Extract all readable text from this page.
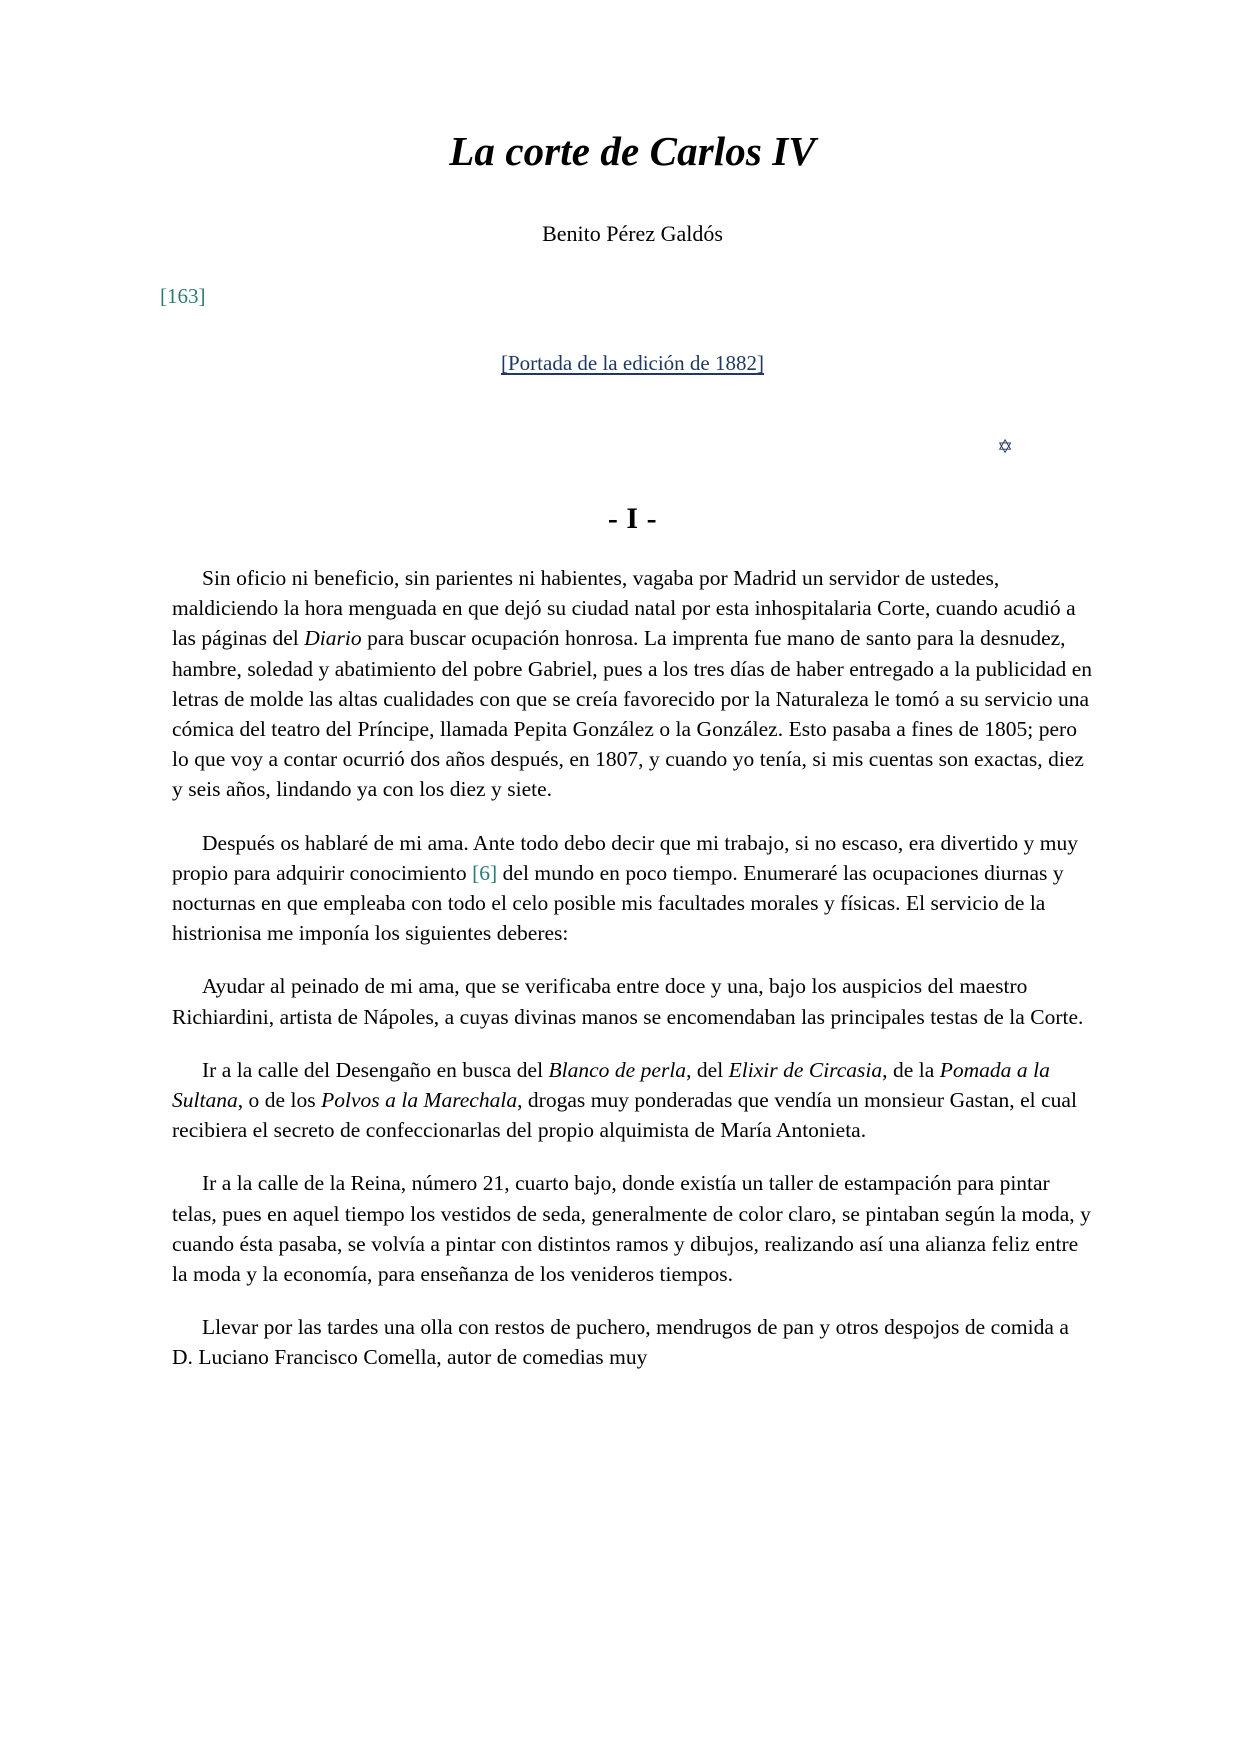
La corte de Carlos IV
Benito Pérez Galdós
[163]
[Portada de la edición de 1882]
✡
- I -

Sin oficio ni beneficio, sin parientes ni habientes, vagaba por Madrid un servidor de ustedes, maldiciendo la hora menguada en que dejó su ciudad natal por esta inhospitalaria Corte, cuando acudió a las páginas del Diario para buscar ocupación honrosa. La imprenta fue mano de santo para la desnudez, hambre, soledad y abatimiento del pobre Gabriel, pues a los tres días de haber entregado a la publicidad en letras de molde las altas cualidades con que se creía favorecido por la Naturaleza le tomó a su servicio una cómica del teatro del Príncipe, llamada Pepita González o la González. Esto pasaba a fines de 1805; pero lo que voy a contar ocurrió dos años después, en 1807, y cuando yo tenía, si mis cuentas son exactas, diez y seis años, lindando ya con los diez y siete.

Después os hablaré de mi ama. Ante todo debo decir que mi trabajo, si no escaso, era divertido y muy propio para adquirir conocimiento [6] del mundo en poco tiempo. Enumeraré las ocupaciones diurnas y nocturnas en que empleaba con todo el celo posible mis facultades morales y físicas. El servicio de la histrionisa me imponía los siguientes deberes:

Ayudar al peinado de mi ama, que se verificaba entre doce y una, bajo los auspicios del maestro Richiardini, artista de Nápoles, a cuyas divinas manos se encomendaban las principales testas de la Corte.

Ir a la calle del Desengaño en busca del Blanco de perla, del Elixir de Circasia, de la Pomada a la Sultana, o de los Polvos a la Marechala, drogas muy ponderadas que vendía un monsieur Gastan, el cual recibiera el secreto de confeccionarlas del propio alquimista de María Antonieta.

Ir a la calle de la Reina, número 21, cuarto bajo, donde existía un taller de estampación para pintar telas, pues en aquel tiempo los vestidos de seda, generalmente de color claro, se pintaban según la moda, y cuando ésta pasaba, se volvía a pintar con distintos ramos y dibujos, realizando así una alianza feliz entre la moda y la economía, para enseñanza de los venideros tiempos.

Llevar por las tardes una olla con restos de puchero, mendrugos de pan y otros despojos de comida a D. Luciano Francisco Comella, autor de comedias muy
